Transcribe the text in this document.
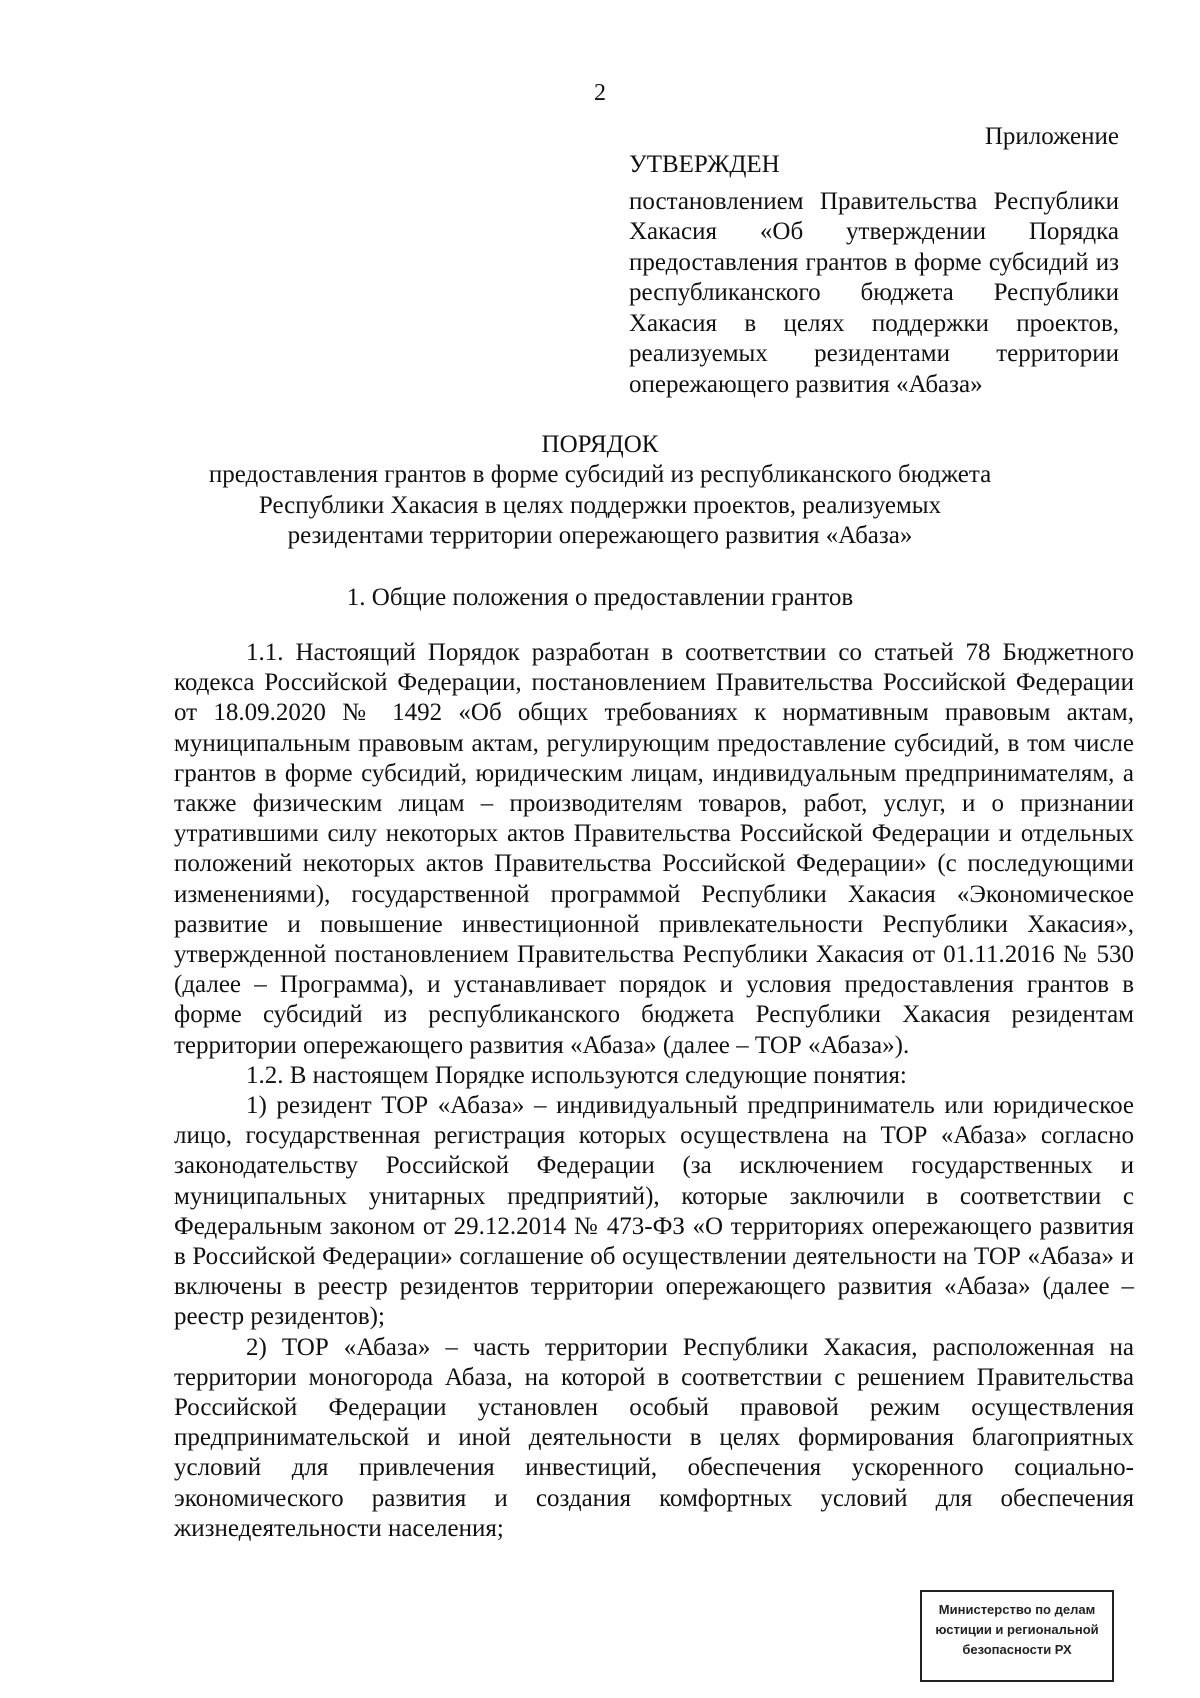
2
Приложение
УТВЕРЖДЕН
постановлением Правительства Республики Хакасия «Об утверждении Порядка предоставления грантов в форме субсидий из республиканского бюджета Республики Хакасия в целях поддержки проектов, реализуемых резидентами территории опережающего развития «Абаза»
ПОРЯДОК
предоставления грантов в форме субсидий из республиканского бюджета Республики Хакасия в целях поддержки проектов, реализуемых резидентами территории опережающего развития «Абаза»
1. Общие положения о предоставлении грантов

1.1. Настоящий Порядок разработан в соответствии со статьей 78 Бюджетного кодекса Российской Федерации, постановлением Правительства Российской Федерации от 18.09.2020 № 1492 «Об общих требованиях к нормативным правовым актам, муниципальным правовым актам, регулирующим предоставление субсидий, в том числе грантов в форме субсидий, юридическим лицам, индивидуальным предпринимателям, а также физическим лицам – производителям товаров, работ, услуг, и о признании утратившими силу некоторых актов Правительства Российской Федерации и отдельных положений некоторых актов Правительства Российской Федерации» (с последующими изменениями), государственной программой Республики Хакасия «Экономическое развитие и повышение инвестиционной привлекательности Республики Хакасия», утвержденной постановлением Правительства Республики Хакасия от 01.11.2016 № 530 (далее – Программа), и устанавливает порядок и условия предоставления грантов в форме субсидий из республиканского бюджета Республики Хакасия резидентам территории опережающего развития «Абаза» (далее – ТОР «Абаза»).

1.2. В настоящем Порядке используются следующие понятия:

1) резидент ТОР «Абаза» – индивидуальный предприниматель или юридическое лицо, государственная регистрация которых осуществлена на ТОР «Абаза» согласно законодательству Российской Федерации (за исключением государственных и муниципальных унитарных предприятий), которые заключили в соответствии с Федеральным законом от 29.12.2014 № 473-ФЗ «О территориях опережающего развития в Российской Федерации» соглашение об осуществлении деятельности на ТОР «Абаза» и включены в реестр резидентов территории опережающего развития «Абаза» (далее – реестр резидентов);

2) ТОР «Абаза» – часть территории Республики Хакасия, расположенная на территории моногорода Абаза, на которой в соответствии с решением Правительства Российской Федерации установлен особый правовой режим осуществления предпринимательской и иной деятельности в целях формирования благоприятных условий для привлечения инвестиций, обеспечения ускоренного социально-экономического развития и создания комфортных условий для обеспечения жизнедеятельности населения;

Министерство по делам
юстиции и региональной
безопасности РХ
